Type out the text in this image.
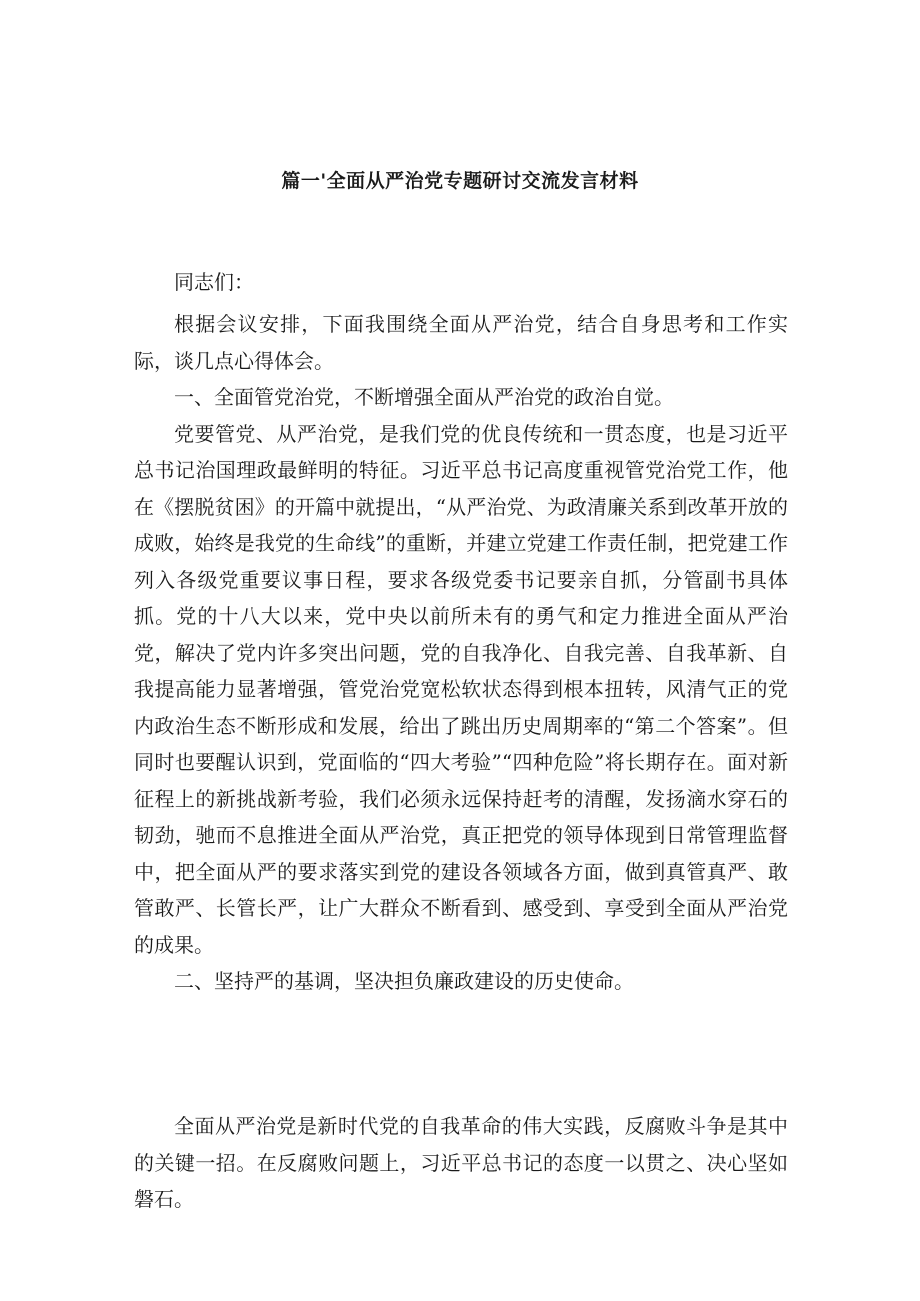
篇一'全面从严治党专题研讨交流发言材料

同志们：

根据会议安排，下面我围绕全面从严治党，结合自身思考和工作实际，谈几点心得体会。

一、全面管党治党，不断增强全面从严治党的政治自觉。

党要管党、从严治党，是我们党的优良传统和一贯态度，也是习近平总书记治国理政最鲜明的特征。习近平总书记高度重视管党治党工作，他在《摆脱贫困》的开篇中就提出，“从严治党、为政清廉关系到改革开放的成败，始终是我党的生命线”的重断，并建立党建工作责任制，把党建工作列入各级党重要议事日程，要求各级党委书记要亲自抓，分管副书具体抓。党的十八大以来，党中央以前所未有的勇气和定力推进全面从严治党，解决了党内许多突出问题，党的自我净化、自我完善、自我革新、自我提高能力显著增强，管党治党宽松软状态得到根本扭转，风清气正的党内政治生态不断形成和发展，给出了跳出历史周期率的“第二个答案”。但同时也要醒认识到，党面临的“四大考验”“四种危险”将长期存在。面对新征程上的新挑战新考验，我们必须永远保持赶考的清醒，发扬滴水穿石的韧劲，驰而不息推进全面从严治党，真正把党的领导体现到日常管理监督中，把全面从严的要求落实到党的建设各领域各方面，做到真管真严、敢管敢严、长管长严，让广大群众不断看到、感受到、享受到全面从严治党的成果。

二、坚持严的基调，坚决担负廉政建设的历史使命。

全面从严治党是新时代党的自我革命的伟大实践，反腐败斗争是其中的关键一招。在反腐败问题上，习近平总书记的态度一以贯之、决心坚如磐石。
